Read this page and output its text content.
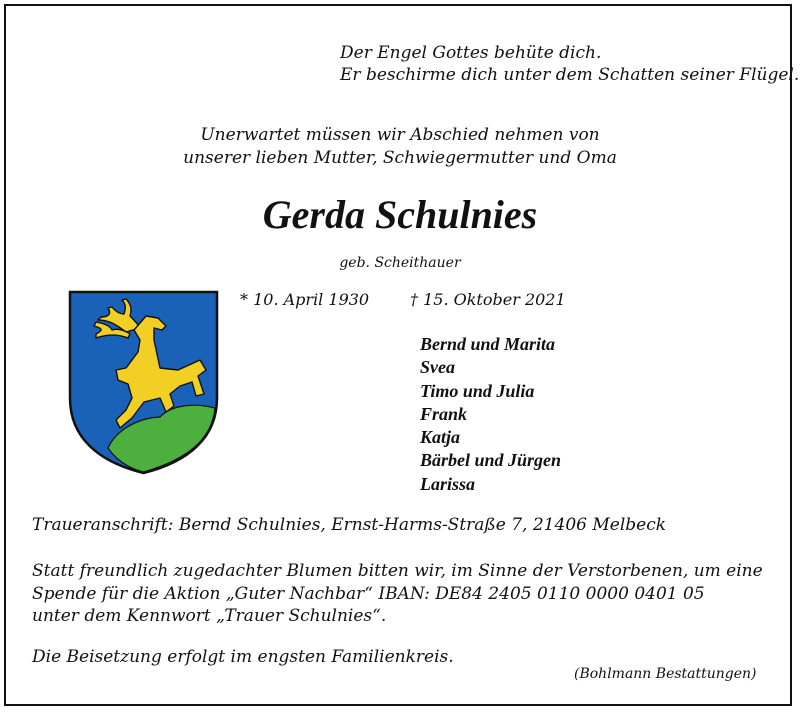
Der Engel Gottes behüte dich.
Er beschirme dich unter dem Schatten seiner Flügel.
Unerwartet müssen wir Abschied nehmen von
unserer lieben Mutter, Schwiegermutter und Oma
Gerda Schulnies
geb. Scheithauer
* 10. April 1930	† 15. Oktober 2021
Bernd und Marita
Svea
Timo und Julia
Frank
Katja
Bärbel und Jürgen
Larissa
Traueranschrift: Bernd Schulnies, Ernst-Harms-Straße 7, 21406 Melbeck
Statt freundlich zugedachter Blumen bitten wir, im Sinne der Verstorbenen, um eine
Spende für die Aktion „Guter Nachbar“ IBAN: DE84 2405 0110 0000 0401 05
unter dem Kennwort „Trauer Schulnies“.
Die Beisetzung erfolgt im engsten Familienkreis.
(Bohlmann Bestattungen)
